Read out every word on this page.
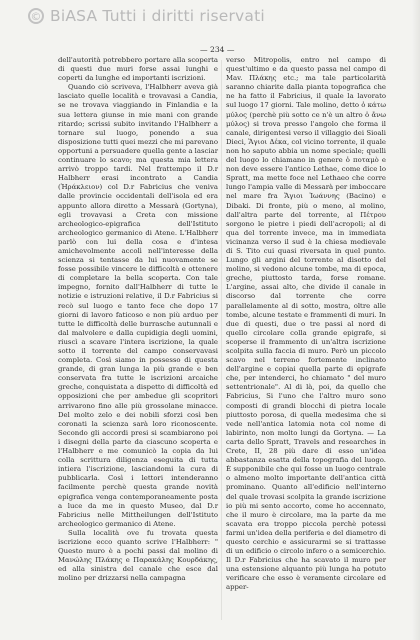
© BiASA Tutti i diritti riservati
— 234 —

dell'autorità potrebbero portare alla scoperta di questi due muri forse assai lunghi e coperti da lunghe ed importanti iscrizioni.

Quando ciò scriveva, l'Halbherr aveva già lasciato quelle località e trovavasi a Candia, se ne trovava viaggiando in Finlandia e la sua lettera giunse in mie mani con grande ritardo; scrissi subito invitando l'Halbherr a tornare sul luogo, ponendo a sua disposizione tutti quei mezzi che mi parevano opportuni a persuadere quella gente a lasciar continuare lo scavo; ma questa mia lettera arrivò troppo tardi. Nel frattempo il D.r Halbherr erasi incontrato a Candia (Ἡράκλειον) col D.r Fabricius che veniva dalle provincie occidentali dell'isola ed era appunto allora diretto a Messarà (Gortyna), egli trovavasi a Creta con missione archeologico-epigrafica dell'Istituto archeologico germanico di Atene. L'Halbherr parlò con lui della cosa e d'intesa amichevolmente accolì nell'interesse della scienza si tentasse da lui nuovamente se fosse possibile vincere le difficoltà e ottenere di completare la bella scoperta. Con tale impegno, fornito dall'Halbherr di tutte le notizie e istruzioni relative, il D.r Fabricius si recò sul luogo e tanto fece che dopo 17 giorni di lavoro faticoso e non più arduo per tutte le difficoltà delle burrasche autunnali e dal malvolere e dalla cupidigia degli uomini, riuscì a scavare l'intera iscrizione, la quale sotto il torrente del campo conservavasi completa. Così siamo in possesso di questa grande, di gran lunga la più grande e ben conservata fra tutte le iscrizioni arcaiche greche, conquistata a dispetto di difficoltà ed opposizioni che per ambedue gli scopritori arrivarono fino alle più grossolane minacce. Del molto zelo e dei nobili sforzi così ben coronati la scienza sarà loro riconoscente. Secondo gli accordi presi si scambiarono poi i disegni della parte da ciascuno scoperta e l'Halbherr e me comunicò la copia da lui colla scrittura diligenza eseguita di tutta intiera l'iscrizione, lasciandomi la cura di pubblicarla. Così i lettori intenderanno facilmente perchè questa grande novità epigrafica venga contemporaneamente posta a luce da me in questo Museo, dal D.r Fabricius nelle Mittheilungen dell'Istituto archeologico germanico di Atene.

Sulla località ove fu trovata questa iscrizione ecco quanto scrive l'Halbherr: " Questo muro è a pochi passi dal molino di Μανώλης Πλάκης e Παρακάλης Κουρδάκης, ed alla sinistra del canale che esce dal molino per drizzarsi nella campagna

verso Mitropolis, entro nel campo di quest'ultimo e da questo passa nel campo di Mav. Πλάκης etc.; ma tale particolarità saranno chiarite dalla pianta topografica che ne ha fatto il Fabricius, il quale la lavorato sul luogo 17 giorni. Tale molino, detto ὁ κάτω μύλος (perchè più sotto ce n'è un altro ὁ ἄνω μύλος) si trova presso l'angolo che forma il canale, dirigentesi verso il villaggio dei Sioali Dieci, Ἅγιοι Δέκα, col vicino torrente, il quale non ho saputo abbia un nome speciale; quelli del luogo lo chiamano in genere ὁ ποταμὸ e non deve essere l'antico Lethae, come dice lo Spratt, ma mette foce nel Lethaeo che corre lungo l'ampia valle di Messarà per imboccare nel mare fra Ἄγιοι Ἰωάννης (Bacino) e Dibaki. Di fronte, più o meno, al molino, dall'altra parte del torrente, al Πέτρου sorgono le pietre i piedi dell'acropoli; al di qua del torrente invece, ma in immediata vicinanza verso il sud è la chiesa medievale di S. Tito cui quasi riversata in quel punto. Lungo gli argini del torrente al disotto del molino, si vedono alcune tombe, ma di epoca, greche, piuttosto tarda, forse romane. L'argine, assai alto, che divide il canale in discorso dal torrente che corre parallelamente al di sotto, mostra, oltre alle tombe, alcune testate e frammenti di muri. In due di questi, due o tre passi al nord di quello circolare colla grande epigrafe, si scoperse il frammento di un'altra iscrizione scolpita sulla faccia di muro. Però un piccolo scavo nel terreno fortemente inclinato dell'argine e copiai quella parte di epigrafe che, per intenderci, ho chiamato " del muro settentrionale". Al di là, poi, da quello che Fabricius, Si l'uno che l'altro muro sono composti di grandi blocchi di pietra locale piuttosto porosa, di quella medesima che si vede nell'antica latomia nota col nome di labirinto, non molto lungi da Gortyna. — La carta dello Spratt, Travels and researches in Crete, II, 28 più dare di esso un'idea abbastanza esatta della topografia del luogo. È supponibile che qui fosse un luogo centrale o almeno molto importante dell'antica città prominano. Quanto all'edificio nell'interno del quale trovasi scolpita la grande iscrizione io più mi sento accorto, come ho accennato, che il muro è circolare, ma la parte da me scavata era troppo piccola perchè potessi farmi un'idea della periferia e del diametro di questo cerchio e assicurarmi se si trattasse di un edificio o circolo infero o a semicerchio. Il D.r Fabricius che ha scavato il muro per una estensione alquanto più lunga ha potuto verificare che esso è veramente circolare ed apper-
